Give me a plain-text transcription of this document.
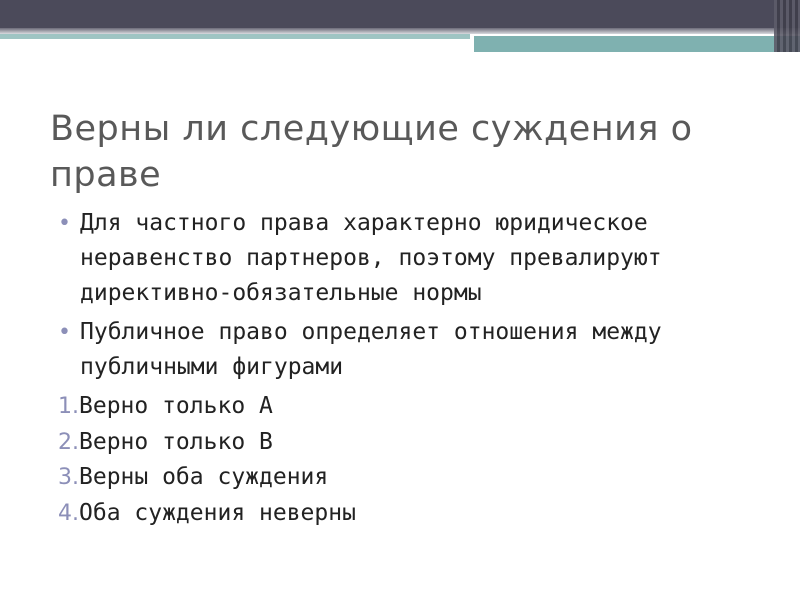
Верны ли следующие суждения о праве
• Для частного права характерно юридическое неравенство партнеров, поэтому превалируют директивно-обязательные нормы
• Публичное право определяет отношения между публичными фигурами
1.Верно только А
2.Верно только В
3.Верны оба суждения
4.Оба суждения неверны
